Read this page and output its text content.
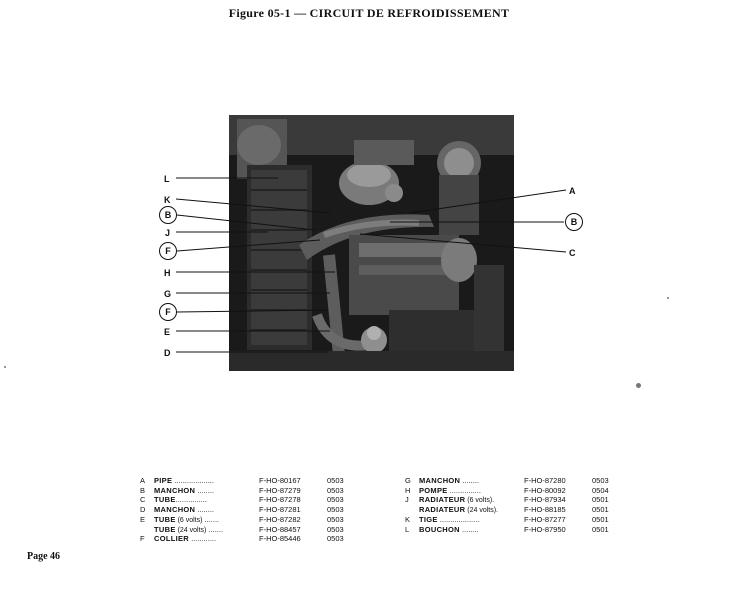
Figure 05-1 — CIRCUIT DE REFROIDISSEMENT
L
K
B
J
F
H
G
F
E
D
A
B
C
A	PIPE ...................	F-HO-80167	0503
B	MANCHON ........	F-HO-87279	0503
C	TUBE...............	F-HO-87278	0503
D	MANCHON ........	F-HO-87281	0503
E	TUBE (6 volts) .......	F-HO-87282	0503
TUBE (24 volts) .......	F-HO-88457	0503
F	COLLIER ............	F-HO-85446	0503
G	MANCHON ........	F-HO-87280	0503
H	POMPE ...............	F-HO-80092	0504
J	RADIATEUR (6 volts).	F-HO-87934	0501
RADIATEUR (24 volts).	F-HO-88185	0501
K	TIGE ...................	F-HO-87277	0501
L	BOUCHON ........	F-HO-87950	0501
Page 46
